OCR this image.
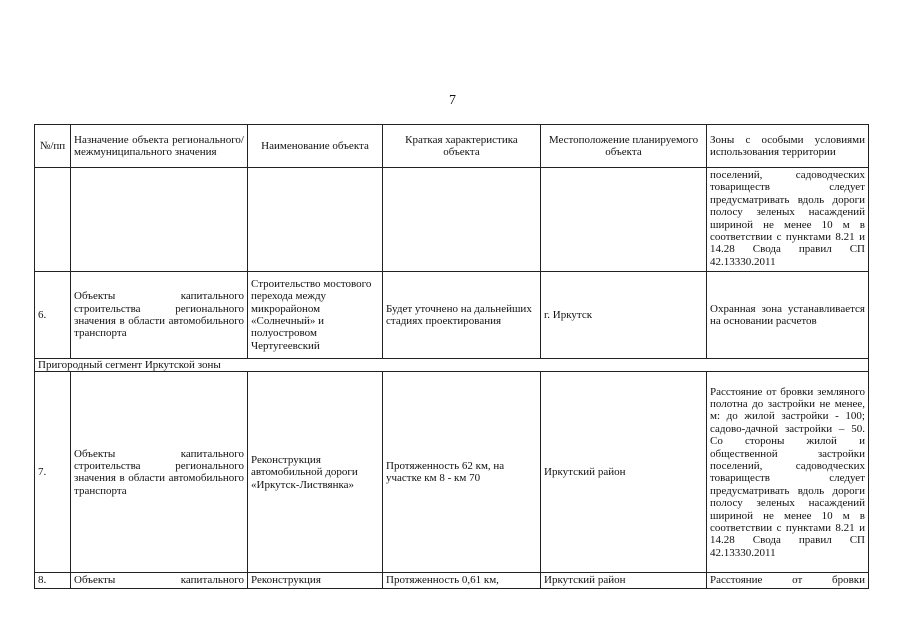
7
№/пп	Назначение объекта регионального/ межмуниципального значения	Наименование объекта	Краткая характеристика объекта	Местоположение планируемого объекта	Зоны с особыми условиями использования территории
					поселений, садоводческих товариществ следует предусматривать вдоль дороги полосу зеленых насаждений шириной не менее 10 м в соответствии с пунктами 8.21 и 14.28 Свода правил СП 42.13330.2011
6.	Объекты капитального строительства регионального значения в области автомобильного транспорта	Строительство мостового перехода между микрорайоном «Солнечный» и полуостровом Чертугеевский	Будет уточнено на дальнейших стадиях проектирования	г. Иркутск	Охранная зона устанавливается на основании расчетов
Пригородный сегмент Иркутской зоны					
7.	Объекты капитального строительства регионального значения в области автомобильного транспорта	Реконструкция автомобильной дороги «Иркутск-Листвянка»	Протяженность 62 км, на участке км 8 - км 70	Иркутский район	Расстояние от бровки земляного полотна до застройки не менее, м: до жилой застройки - 100; садово-дачной застройки – 50. Со стороны жилой и общественной застройки поселений, садоводческих товариществ следует предусматривать вдоль дороги полосу зеленых насаждений шириной не менее 10 м в соответствии с пунктами 8.21 и 14.28 Свода правил СП 42.13330.2011
8.	Объекты капитального	Реконструкция	Протяженность 0,61 км,	Иркутский район	Расстояние от бровки
